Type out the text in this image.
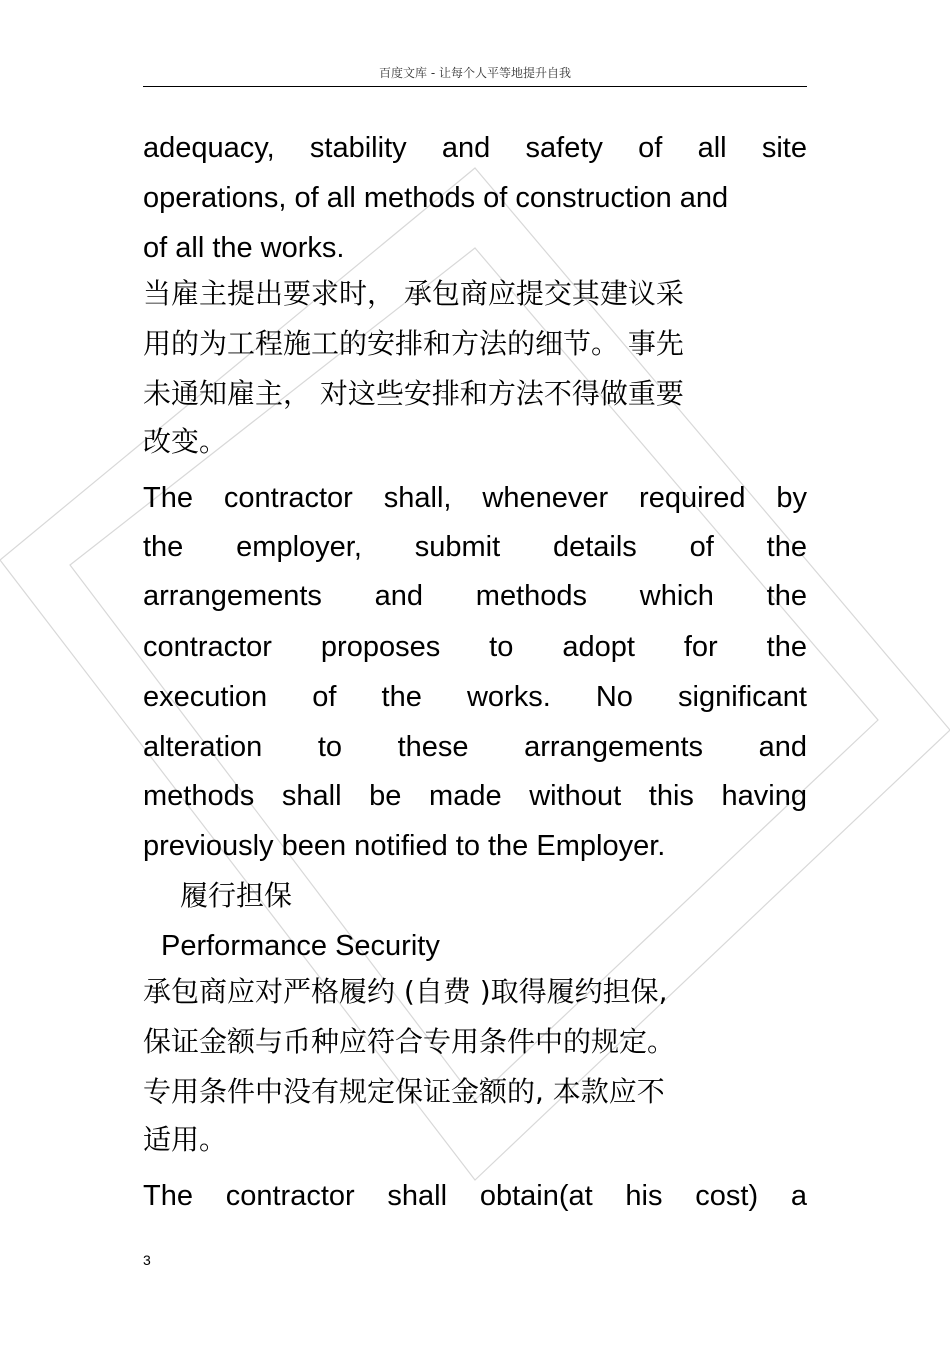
百度文库 - 让每个人平等地提升自我
adequacy, stability and safety of all site
operations, of all methods of construction and
of all the works.
当雇主提出要求时， 承包商应提交其建议采
用的为工程施工的安排和方法的细节。 事先
未通知雇主， 对这些安排和方法不得做重要
改变。
The contractor shall, whenever required by
the employer, submit details of the
arrangements and methods which the
contractor proposes to adopt for the
execution of the works. No significant
alteration to these arrangements and
methods shall be made without this having
previously been notified to the Employer.
履行担保
Performance Security
承包商应对严格履约 (自费 )取得履约担保,
保证金额与币种应符合专用条件中的规定。
专用条件中没有规定保证金额的, 本款应不
适用。
The contractor shall obtain(at his cost) a
3
